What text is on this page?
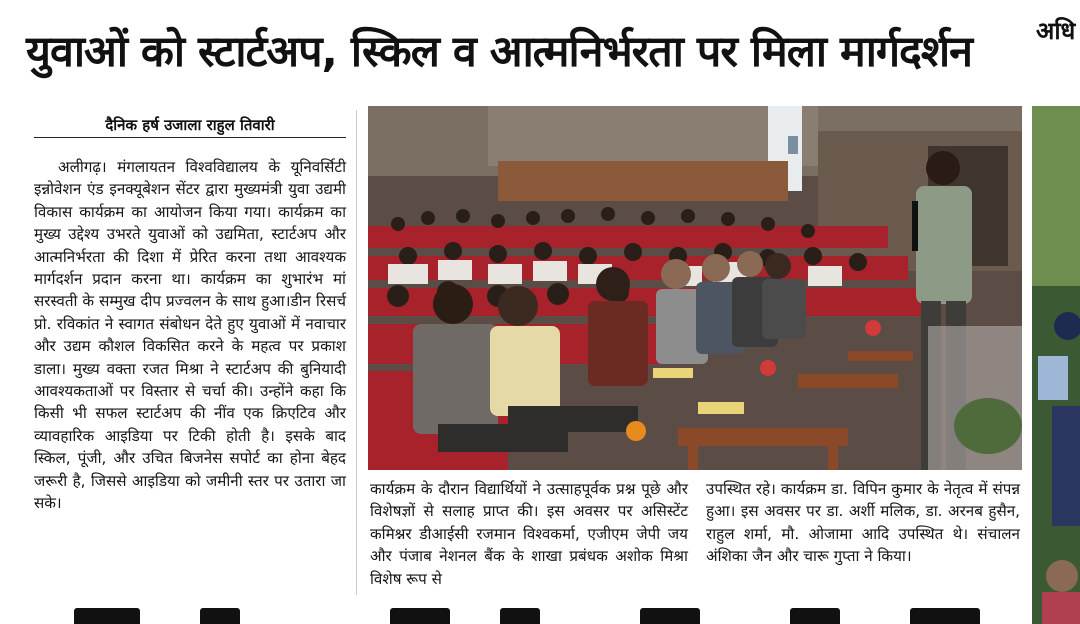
युवाओं को स्टार्टअप, स्किल व आत्मनिर्भरता पर मिला मार्गदर्शन	अधि
दैनिक हर्ष उजाला राहुल तिवारी
अलीगढ़। मंगलायतन विश्वविद्यालय के यूनिवर्सिटी इन्नोवेशन एंड इनक्यूबेशन सेंटर द्वारा मुख्यमंत्री युवा उद्यमी विकास कार्यक्रम का आयोजन किया गया। कार्यक्रम का मुख्य उद्देश्य उभरते युवाओं को उद्यमिता, स्टार्टअप और आत्मनिर्भरता की दिशा में प्रेरित करना तथा आवश्यक मार्गदर्शन प्रदान करना था। कार्यक्रम का शुभारंभ मां सरस्वती के सम्मुख दीप प्रज्वलन के साथ हुआ।डीन रिसर्च प्रो. रविकांत ने स्वागत संबोधन देते हुए युवाओं में नवाचार और उद्यम कौशल विकसित करने के महत्व पर प्रकाश डाला। मुख्य वक्ता रजत मिश्रा ने स्टार्टअप की बुनियादी आवश्यकताओं पर विस्तार से चर्चा की। उन्होंने कहा कि किसी भी सफल स्टार्टअप की नींव एक क्रिएटिव और व्यावहारिक आइडिया पर टिकी होती है। इसके बाद स्किल, पूंजी, और उचित बिजनेस सपोर्ट का होना बेहद जरूरी है, जिससे आइडिया को जमीनी स्तर पर उतारा जा सके।
कार्यक्रम के दौरान विद्यार्थियों ने उत्साहपूर्वक प्रश्न पूछे और विशेषज्ञों से सलाह प्राप्त की। इस अवसर पर असिस्टेंट कमिश्नर डीआईसी रजमान विश्वकर्मा, एजीएम जेपी जय और पंजाब नेशनल बैंक के शाखा प्रबंधक अशोक मिश्रा विशेष रूप से
उपस्थित रहे। कार्यक्रम डा. विपिन कुमार के नेतृत्व में संपन्न हुआ। इस अवसर पर डा. अर्शी मलिक, डा. अरनब हुसैन, राहुल शर्मा, मौ. ओजामा आदि उपस्थित थे। संचालन अंशिका जैन और चारू गुप्ता ने किया।
